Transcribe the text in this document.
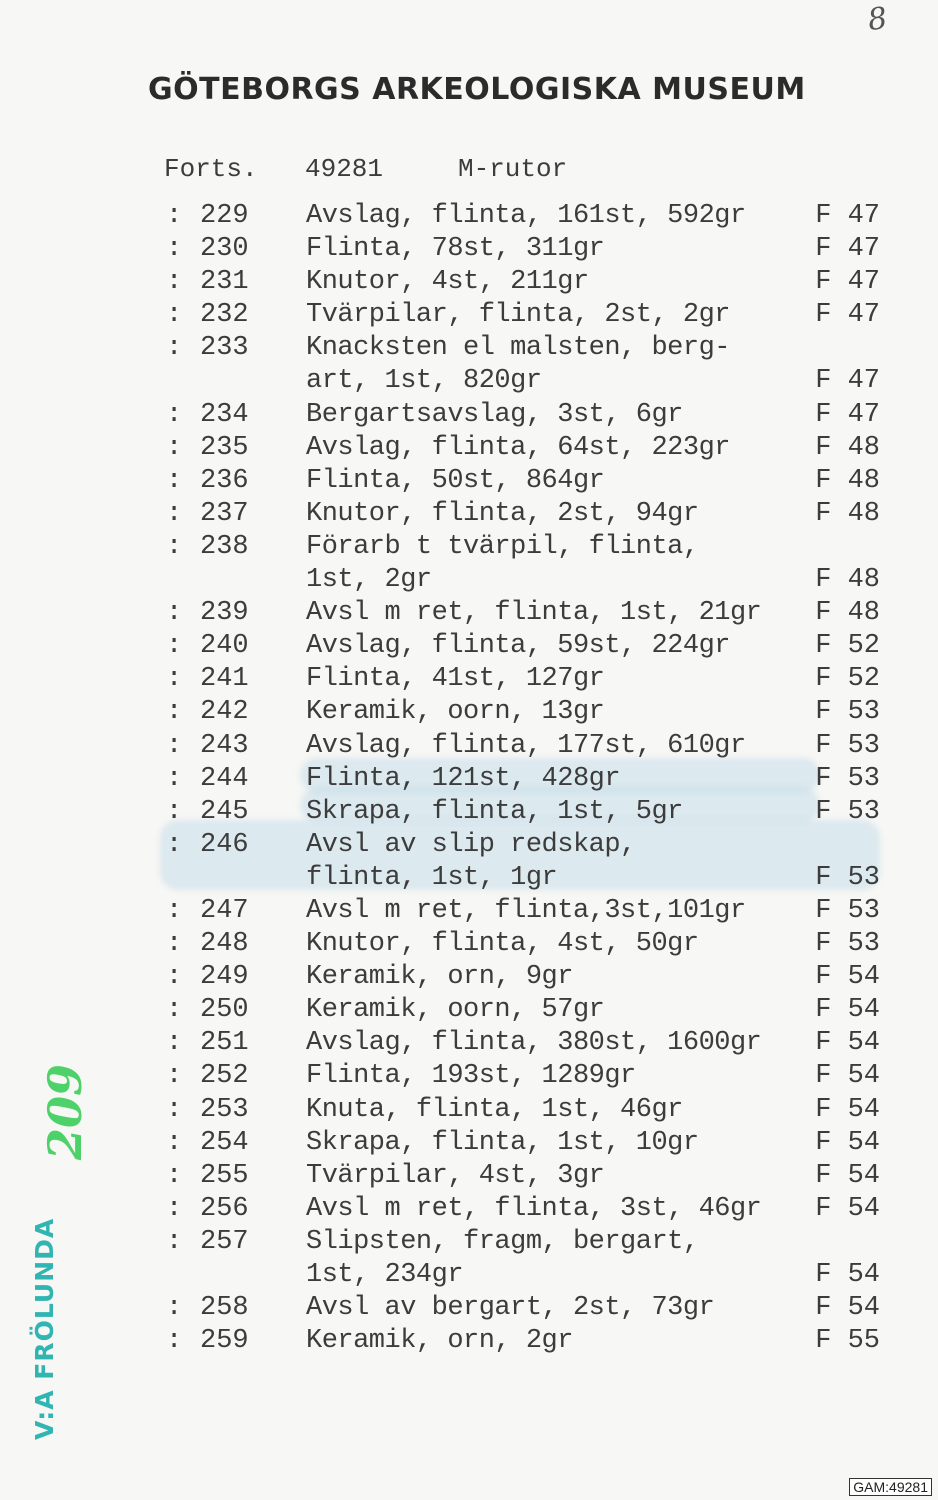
8
GÖTEBORGS ARKEOLOGISKA MUSEUM
Forts. 49281	M-rutor
: 229 Avslag, flinta, 161st, 592gr	F 47
: 230 Flinta, 78st, 311gr	F 47
: 231 Knutor, 4st, 211gr	F 47
: 232 Tvärpilar, flinta, 2st, 2gr	F 47
: 233 Knacksten el malsten, berg-
art, 1st, 820gr	F 47
: 234 Bergartsavslag, 3st, 6gr	F 47
: 235 Avslag, flinta, 64st, 223gr	F 48
: 236 Flinta, 50st, 864gr	F 48
: 237 Knutor, flinta, 2st, 94gr	F 48
: 238 Förarb t tvärpil, flinta,
1st, 2gr	F 48
: 239 Avsl m ret, flinta, 1st, 21gr F 48
: 240 Avslag, flinta, 59st, 224gr	F 52
: 241 Flinta, 41st, 127gr	F 52
: 242 Keramik, oorn, 13gr	F 53
: 243 Avslag, flinta, 177st, 610gr	F 53
: 244 Flinta, 121st, 428gr	F 53
: 245 Skrapa, flinta, 1st, 5gr	F 53
: 246 Avsl av slip redskap,
flinta, 1st, 1gr	F 53
: 247 Avsl m ret, flinta,3st,101gr	F 53
: 248 Knutor, flinta, 4st, 50gr	F 53
: 249 Keramik, orn, 9gr	F 54
: 250 Keramik, oorn, 57gr	F 54
: 251 Avslag, flinta, 380st, 1600gr F 54
: 252 Flinta, 193st, 1289gr	F 54
: 253 Knuta, flinta, 1st, 46gr	F 54
: 254 Skrapa, flinta, 1st, 10gr	F 54
: 255 Tvärpilar, 4st, 3gr	F 54
: 256 Avsl m ret, flinta, 3st, 46gr F 54
: 257 Slipsten, fragm, bergart,
1st, 234gr	F 54
: 258 Avsl av bergart, 2st, 73gr	F 54
: 259 Keramik, orn, 2gr	F 55
V:A FRÖLUNDA
209
GAM:49281
